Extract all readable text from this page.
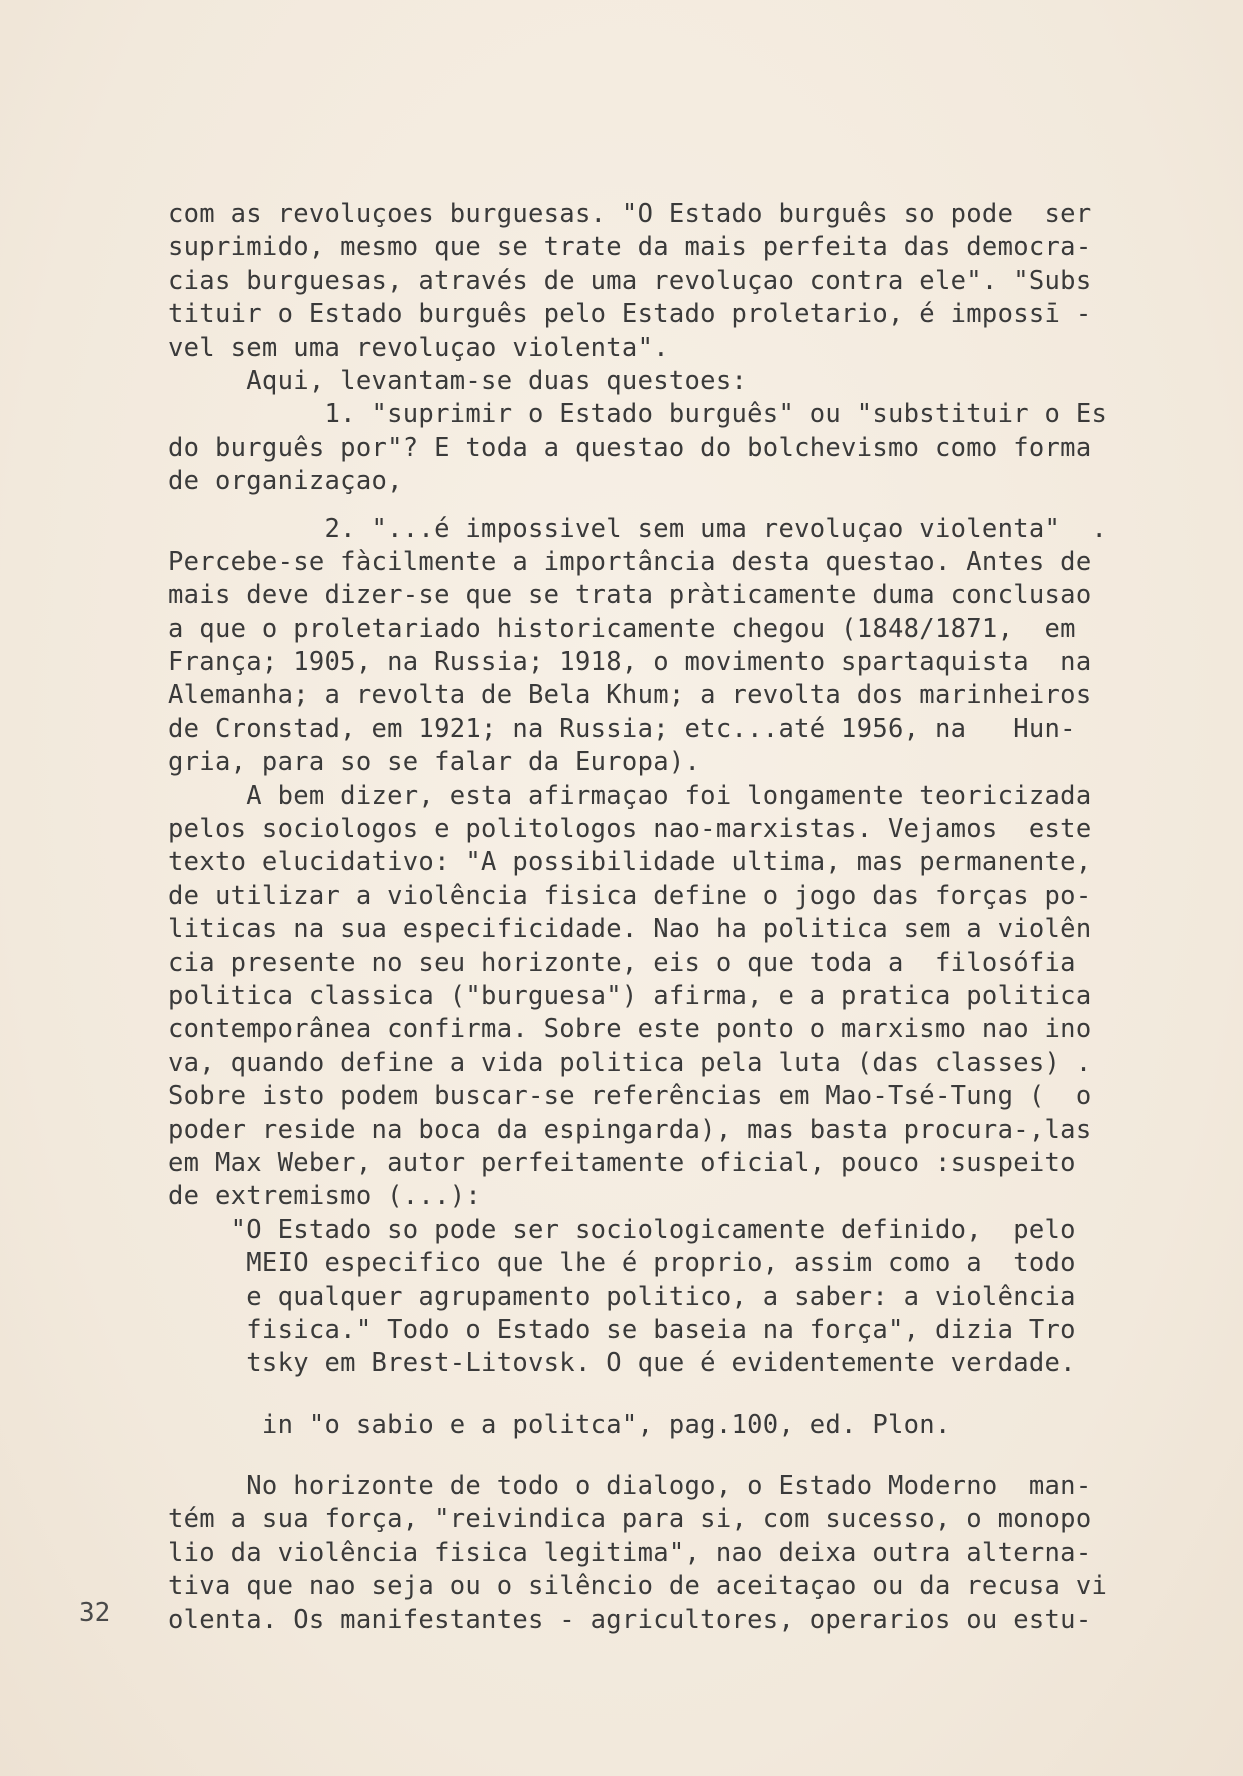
com as revoluçoes burguesas. "O Estado burguês so pode  ser
suprimido, mesmo que se trate da mais perfeita das democra-
cias burguesas, através de uma revoluçao contra ele". "Subs
tituir o Estado burguês pelo Estado proletario, é impossī -
vel sem uma revoluçao violenta".
Aqui, levantam-se duas questoes:
1. "suprimir o Estado burguês" ou "substituir o Es
do burguês por"? E toda a questao do bolchevismo como forma
de organizaçao,
2. "...é impossivel sem uma revoluçao violenta"  .
Percebe-se fàcilmente a importância desta questao. Antes de
mais deve dizer-se que se trata pràticamente duma conclusao
a que o proletariado historicamente chegou (1848/1871,  em
França; 1905, na Russia; 1918, o movimento spartaquista  na
Alemanha; a revolta de Bela Khum; a revolta dos marinheiros
de Cronstad, em 1921; na Russia; etc...até 1956, na   Hun-
gria, para so se falar da Europa).
A bem dizer, esta afirmaçao foi longamente teoricizada
pelos sociologos e politologos nao-marxistas. Vejamos  este
texto elucidativo: "A possibilidade ultima, mas permanente,
de utilizar a violência fisica define o jogo das forças po-
liticas na sua especificidade. Nao ha politica sem a violên
cia presente no seu horizonte, eis o que toda a  filosófia
politica classica ("burguesa") afirma, e a pratica politica
contemporânea confirma. Sobre este ponto o marxismo nao ino
va, quando define a vida politica pela luta (das classes) .
Sobre isto podem buscar-se referências em Mao-Tsé-Tung (  o
poder reside na boca da espingarda), mas basta procura-,las
em Max Weber, autor perfeitamente oficial, pouco :suspeito
de extremismo (...):
"O Estado so pode ser sociologicamente definido,  pelo
MEIO especifico que lhe é proprio, assim como a  todo
e qualquer agrupamento politico, a saber: a violência
fisica." Todo o Estado se baseia na força", dizia Tro
tsky em Brest-Litovsk. O que é evidentemente verdade.
in "o sabio e a politca", pag.100, ed. Plon.
No horizonte de todo o dialogo, o Estado Moderno  man-
tém a sua força, "reivindica para si, com sucesso, o monopo
lio da violência fisica legitima", nao deixa outra alterna-
tiva que nao seja ou o silêncio de aceitaçao ou da recusa vi
olenta. Os manifestantes - agricultores, operarios ou estu-
32
